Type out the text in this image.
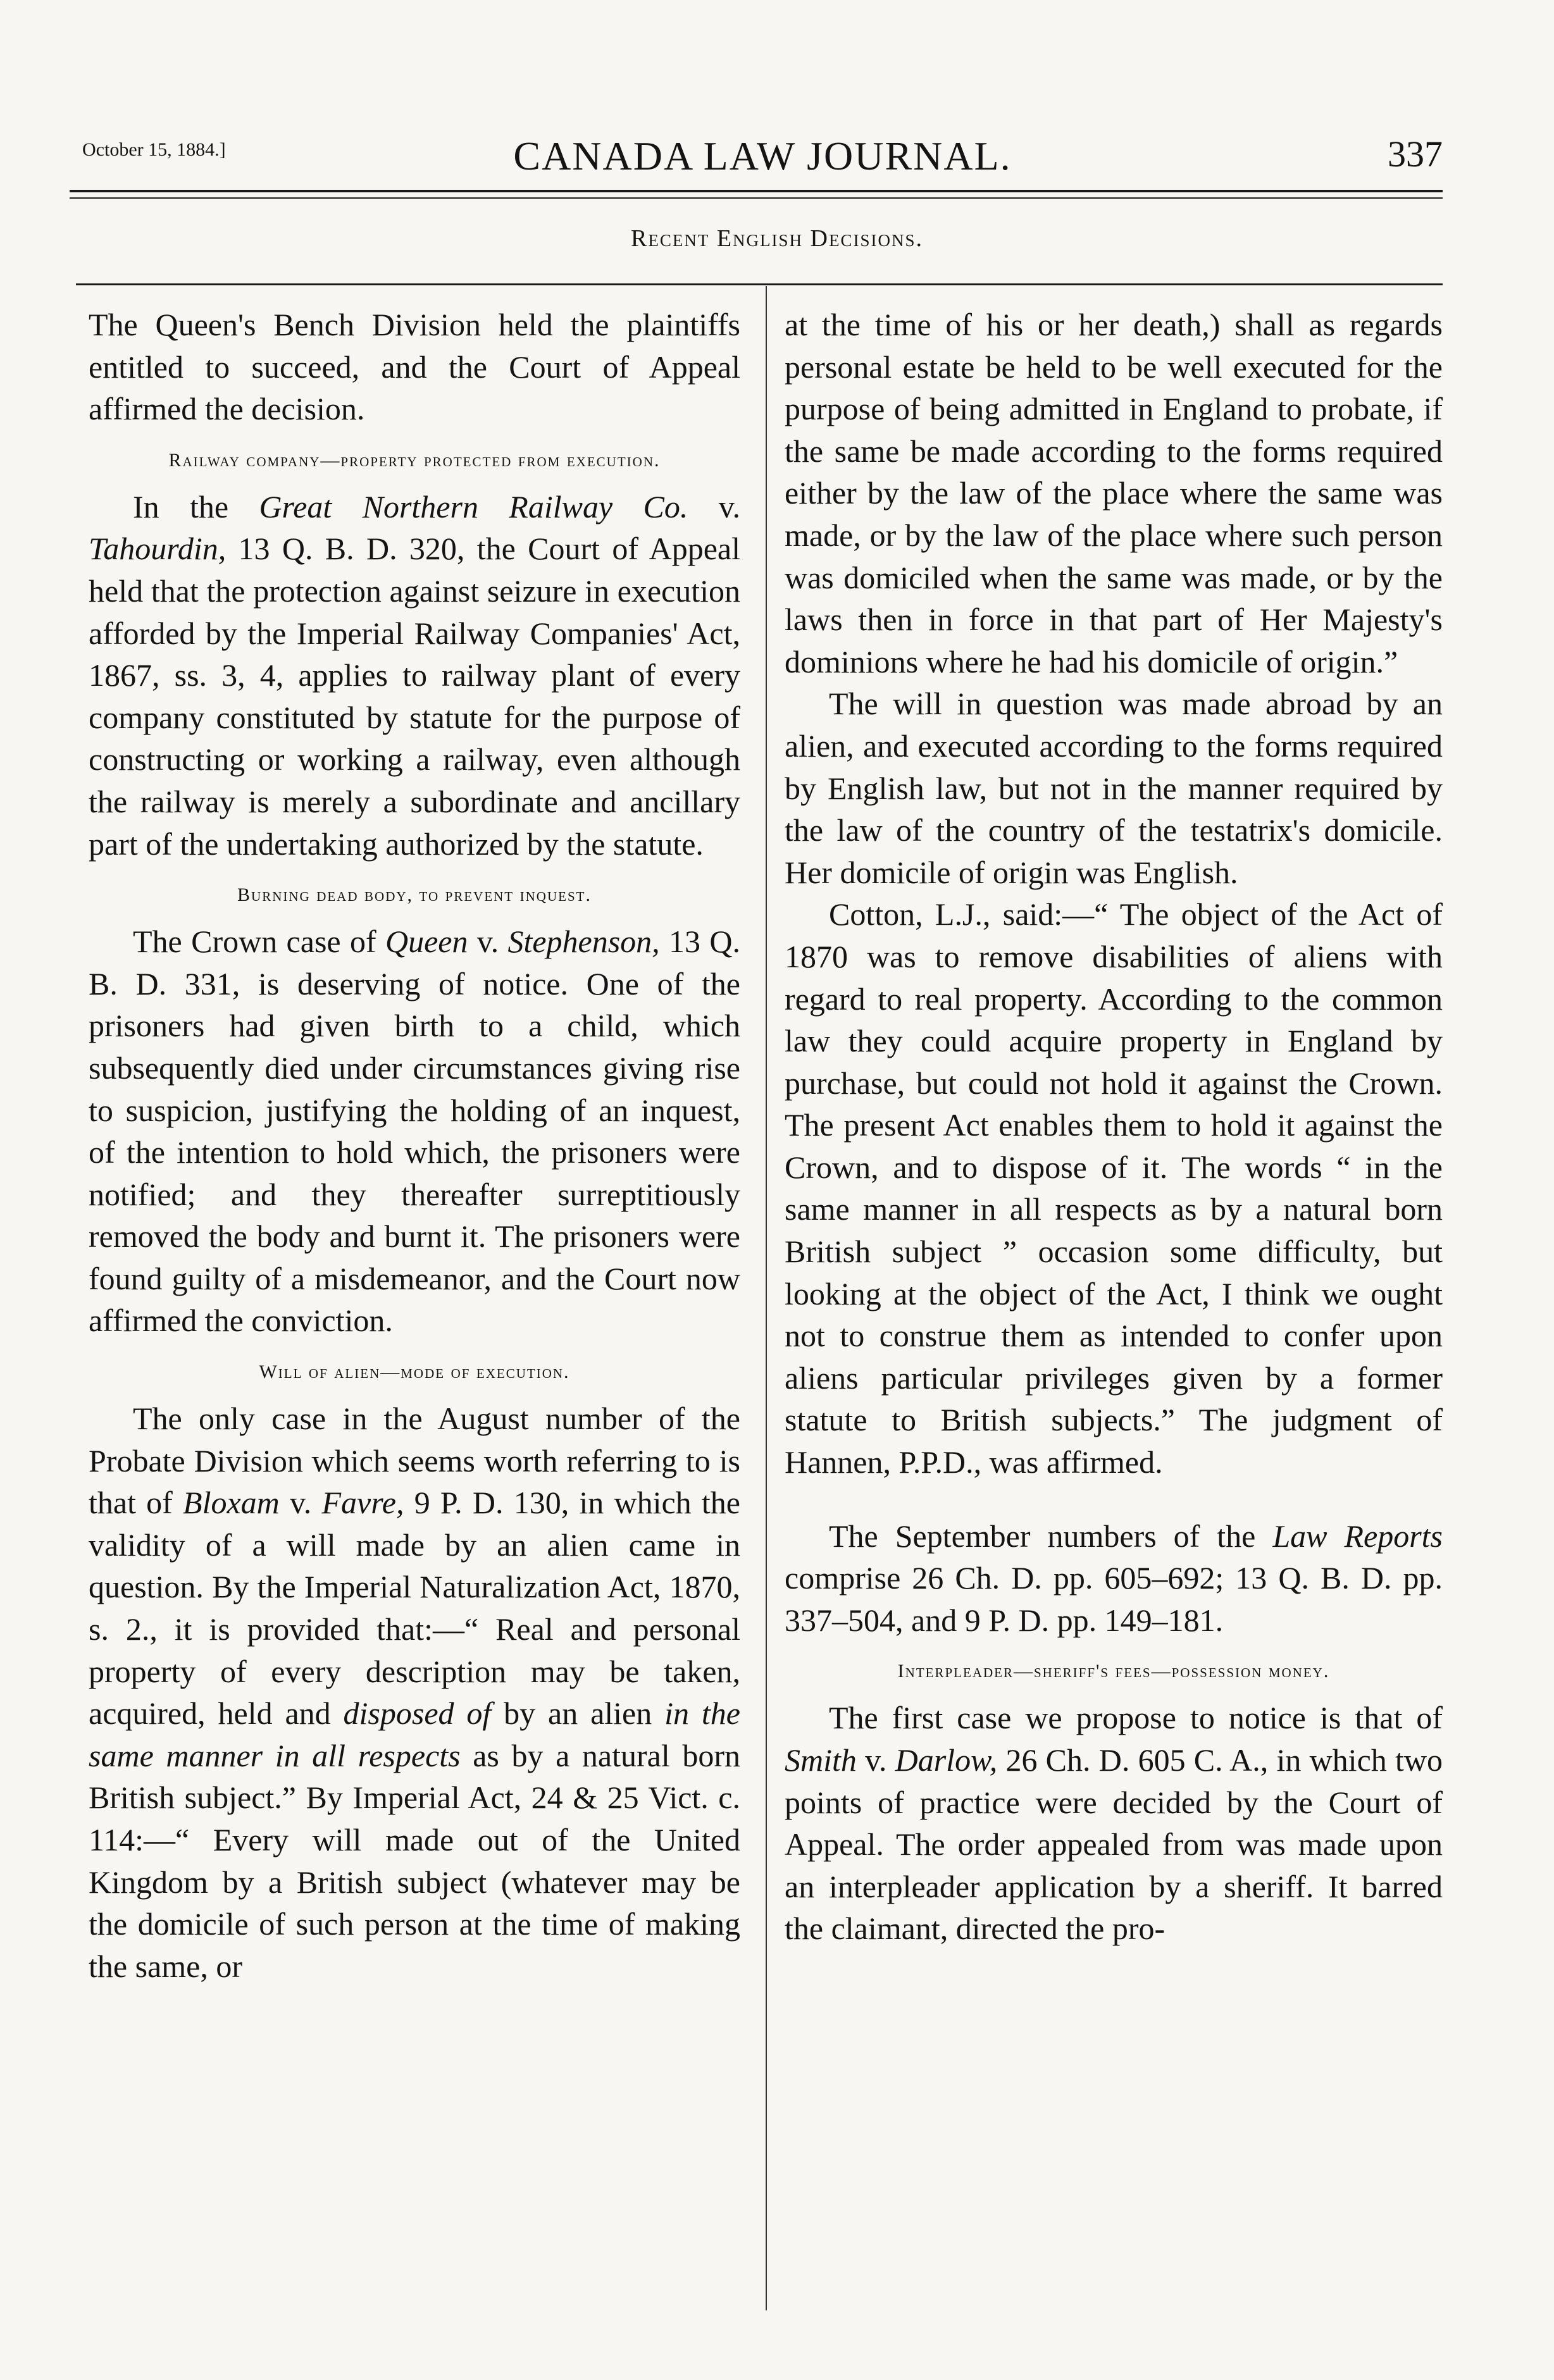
October 15, 1884.]	CANADA LAW JOURNAL.	337
Recent English Decisions.

The Queen's Bench Division held the plaintiffs entitled to succeed, and the Court of Appeal affirmed the decision.

Railway company—property protected from execution.

In the Great Northern Railway Co. v. Tahourdin, 13 Q. B. D. 320, the Court of Appeal held that the protection against seizure in execution afforded by the Imperial Railway Companies' Act, 1867, ss. 3, 4, applies to railway plant of every company constituted by statute for the purpose of constructing or working a railway, even although the railway is merely a subordinate and ancillary part of the undertaking authorized by the statute.

Burning dead body, to prevent inquest.

The Crown case of Queen v. Stephenson, 13 Q. B. D. 331, is deserving of notice. One of the prisoners had given birth to a child, which subsequently died under circumstances giving rise to suspicion, justifying the holding of an inquest, of the intention to hold which, the prisoners were notified; and they thereafter surreptitiously removed the body and burnt it. The prisoners were found guilty of a misdemeanor, and the Court now affirmed the conviction.

Will of alien—mode of execution.

The only case in the August number of the Probate Division which seems worth referring to is that of Bloxam v. Favre, 9 P. D. 130, in which the validity of a will made by an alien came in question. By the Imperial Naturalization Act, 1870, s. 2., it is provided that:—“ Real and personal property of every description may be taken, acquired, held and disposed of by an alien in the same manner in all respects as by a natural born British subject.” By Imperial Act, 24 & 25 Vict. c. 114:—“ Every will made out of the United Kingdom by a British subject (whatever may be the domicile of such person at the time of making the same, or

at the time of his or her death,) shall as regards personal estate be held to be well executed for the purpose of being admitted in England to probate, if the same be made according to the forms required either by the law of the place where the same was made, or by the law of the place where such person was domiciled when the same was made, or by the laws then in force in that part of Her Majesty's dominions where he had his domicile of origin.”

The will in question was made abroad by an alien, and executed according to the forms required by English law, but not in the manner required by the law of the country of the testatrix's domicile. Her domicile of origin was English.

Cotton, L.J., said:—“ The object of the Act of 1870 was to remove disabilities of aliens with regard to real property. According to the common law they could acquire property in England by purchase, but could not hold it against the Crown. The present Act enables them to hold it against the Crown, and to dispose of it. The words “ in the same manner in all respects as by a natural born British subject ” occasion some difficulty, but looking at the object of the Act, I think we ought not to construe them as intended to confer upon aliens particular privileges given by a former statute to British subjects.” The judgment of Hannen, P.P.D., was affirmed.

The September numbers of the Law Reports comprise 26 Ch. D. pp. 605–692; 13 Q. B. D. pp. 337–504, and 9 P. D. pp. 149–181.

Interpleader—sheriff's fees—possession money.

The first case we propose to notice is that of Smith v. Darlow, 26 Ch. D. 605 C. A., in which two points of practice were decided by the Court of Appeal. The order appealed from was made upon an interpleader application by a sheriff. It barred the claimant, directed the pro-
